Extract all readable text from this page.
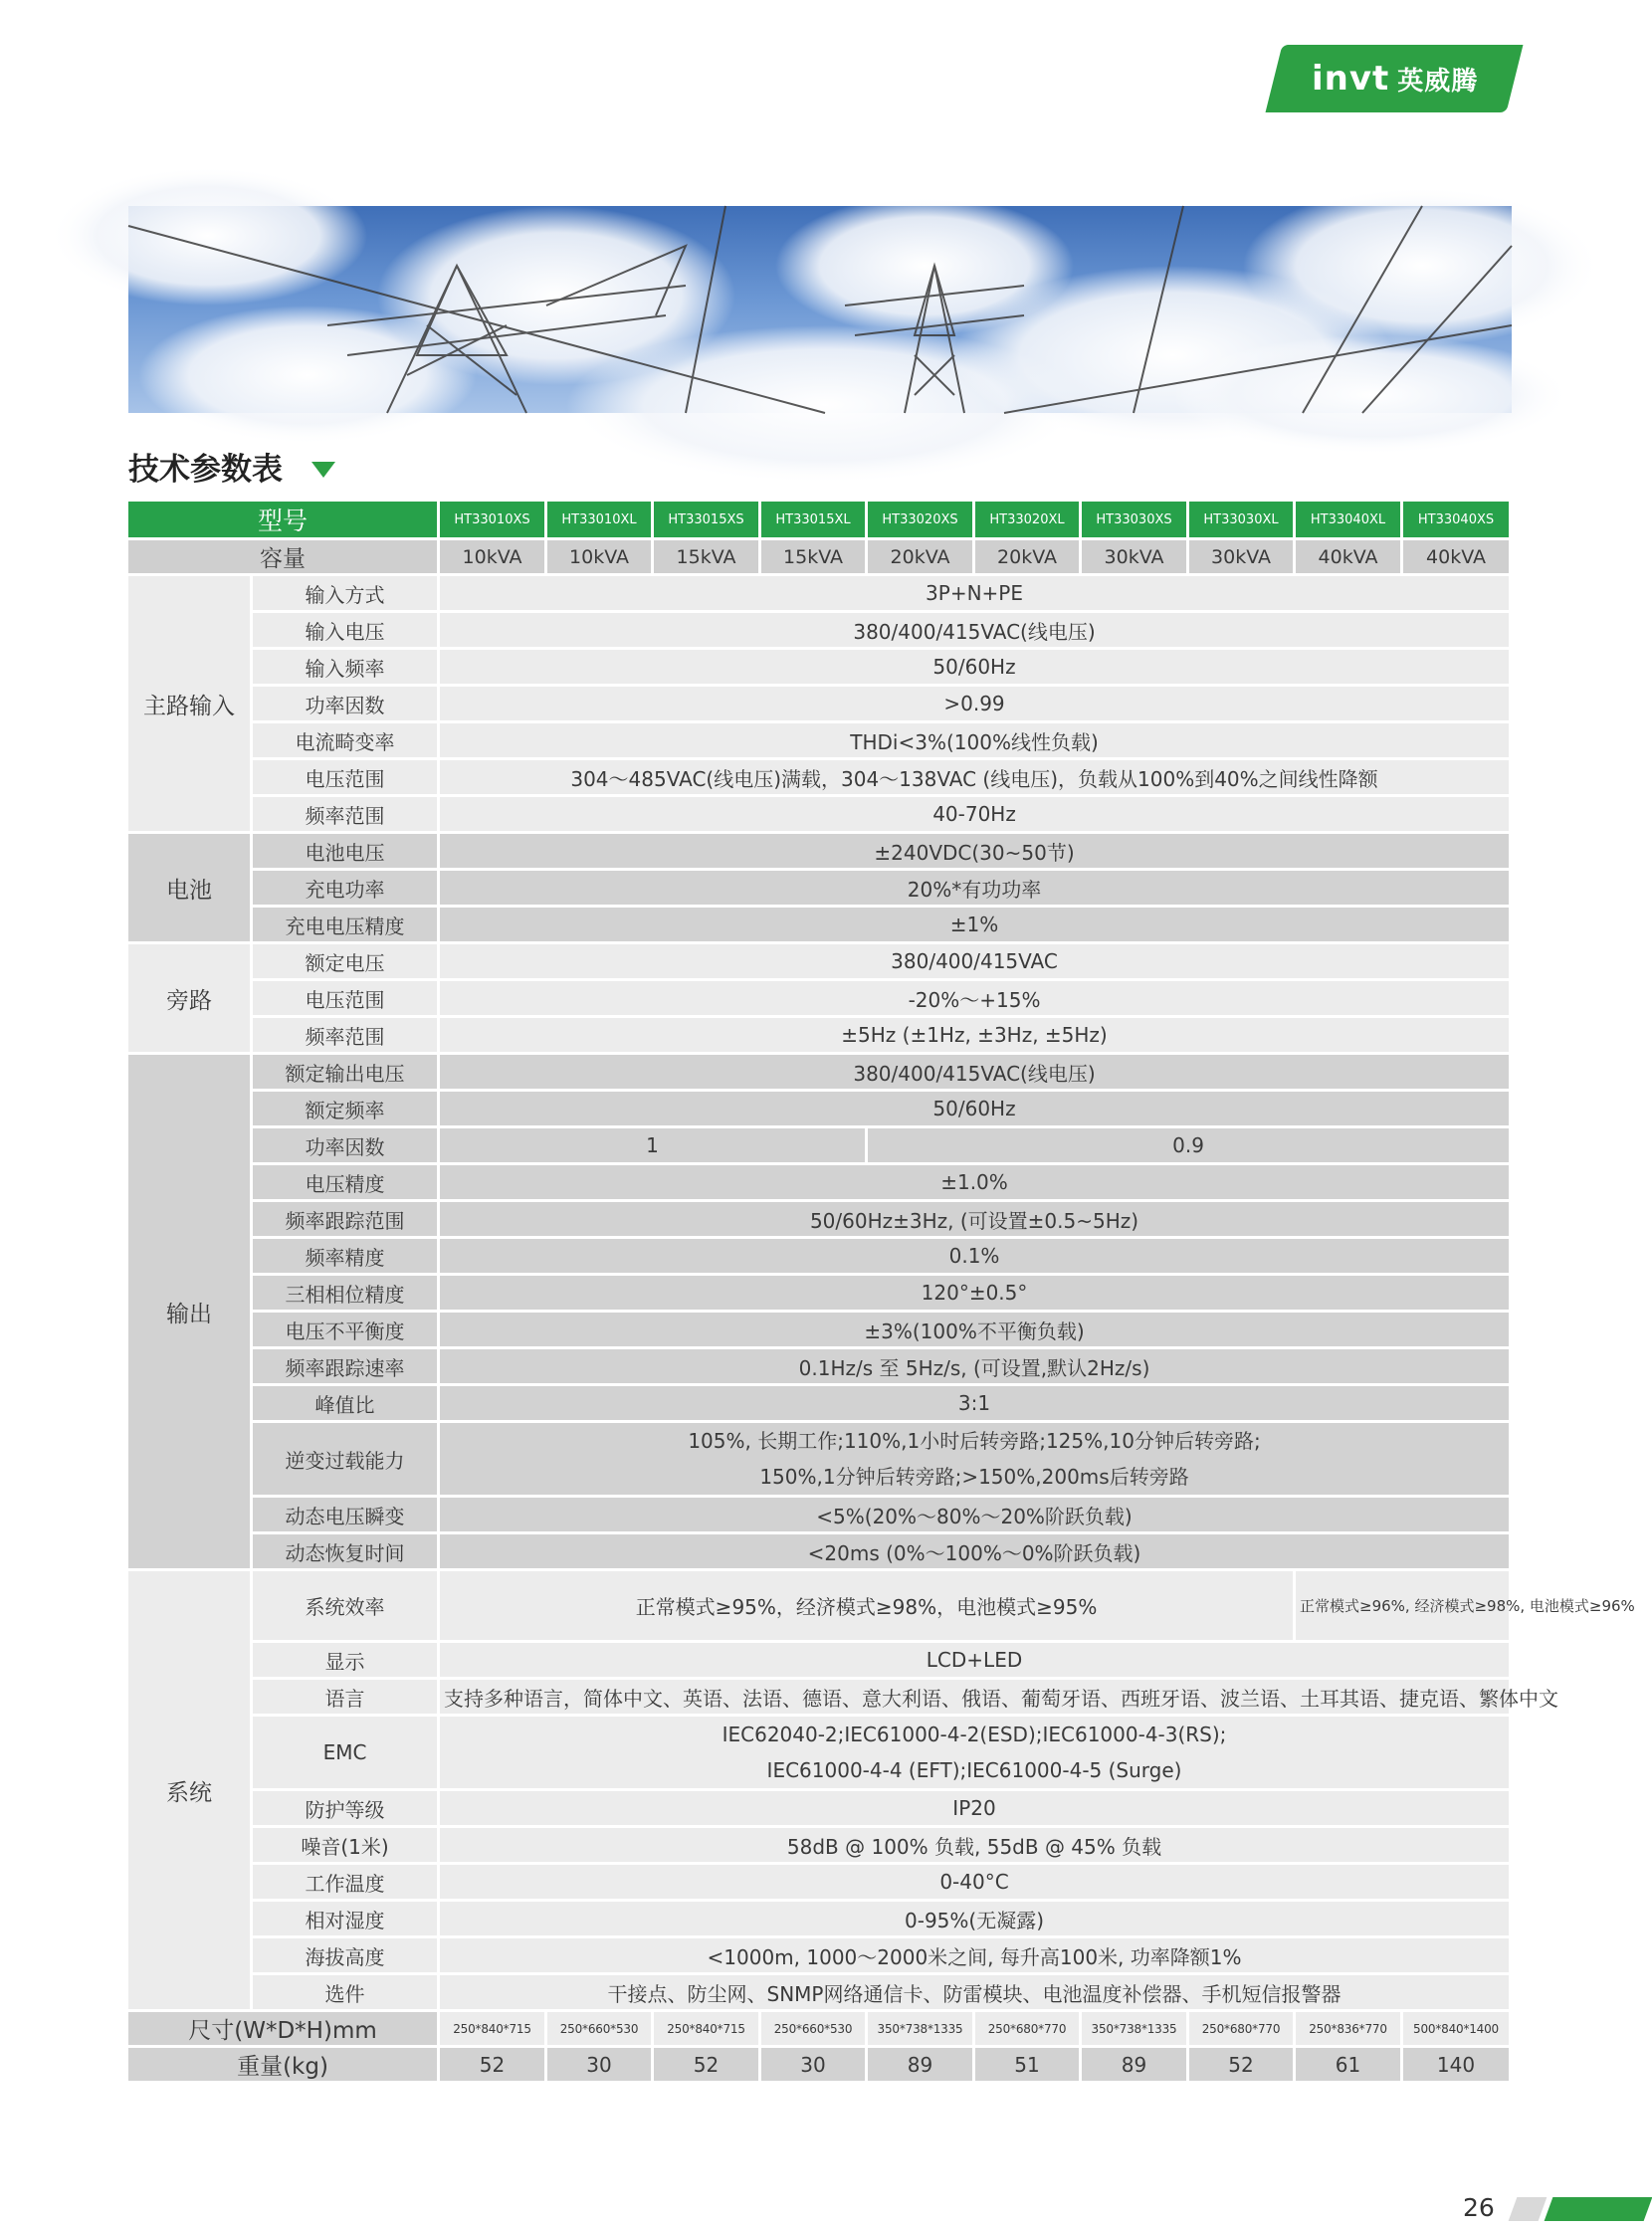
invt 英威腾
技术参数表
型号		HT33010XS	HT33010XL	HT33015XS	HT33015XL	HT33020XS	HT33020XL	HT33030XS	HT33030XL	HT33040XL	HT33040XS
容量		10kVA	10kVA	15kVA	15kVA	20kVA	20kVA	30kVA	30kVA	40kVA	40kVA
主路输入	输入方式	3P+N+PE									
	输入电压	380/400/415VAC(线电压)									
	输入频率	50/60Hz									
	功率因数	>0.99									
	电流畸变率	THDi<3%(100%线性负载)									
	电压范围	304～485VAC(线电压)满载，304～138VAC (线电压)，负载从100%到40%之间线性降额									
	频率范围	40-70Hz									
电池	电池电压	±240VDC(30~50节)									
	充电功率	20%*有功功率									
	充电电压精度	±1%									
旁路	额定电压	380/400/415VAC									
	电压范围	-20%～+15%									
	频率范围	±5Hz (±1Hz, ±3Hz, ±5Hz)									
输出	额定输出电压	380/400/415VAC(线电压)									
	额定频率	50/60Hz									
	功率因数	1				0.9					
	电压精度	±1.0%									
	频率跟踪范围	50/60Hz±3Hz, (可设置±0.5~5Hz)									
	频率精度	0.1%									
	三相相位精度	120°±0.5°									
	电压不平衡度	±3%(100%不平衡负载)									
	频率跟踪速率	0.1Hz/s 至 5Hz/s, (可设置,默认2Hz/s)									
	峰值比	3:1									
	逆变过载能力	105%, 长期工作;110%,1小时后转旁路;125%,10分钟后转旁路;
150%,1分钟后转旁路;>150%,200ms后转旁路									

	动态电压瞬变	<5%(20%～80%～20%阶跃负载)									
	动态恢复时间	<20ms (0%～100%～0%阶跃负载)									
系统	系统效率	正常模式≥95%，经济模式≥98%，电池模式≥95%								正常模式≥96%, 经济模式≥98%, 电池模式≥96%	
	显示	LCD+LED									
	语言	支持多种语言，简体中文、英语、法语、德语、意大利语、俄语、葡萄牙语、西班牙语、波兰语、土耳其语、捷克语、繁体中文									
	EMC	IEC62040-2;IEC61000-4-2(ESD);IEC61000-4-3(RS);
IEC61000-4-4 (EFT);IEC61000-4-5 (Surge)									

	防护等级	IP20									
	噪音(1米)	58dB @ 100% 负载, 55dB @ 45% 负载									
	工作温度	0-40°C									
	相对湿度	0-95%(无凝露)									
	海拔高度	<1000m, 1000～2000米之间, 每升高100米, 功率降额1%									
	选件	干接点、防尘网、SNMP网络通信卡、防雷模块、电池温度补偿器、手机短信报警器									
尺寸(W*D*H)mm		250*840*715	250*660*530	250*840*715	250*660*530	350*738*1335	250*680*770	350*738*1335	250*680*770	250*836*770	500*840*1400
重量(kg)		52	30	52	30	89	51	89	52	61	140
26
